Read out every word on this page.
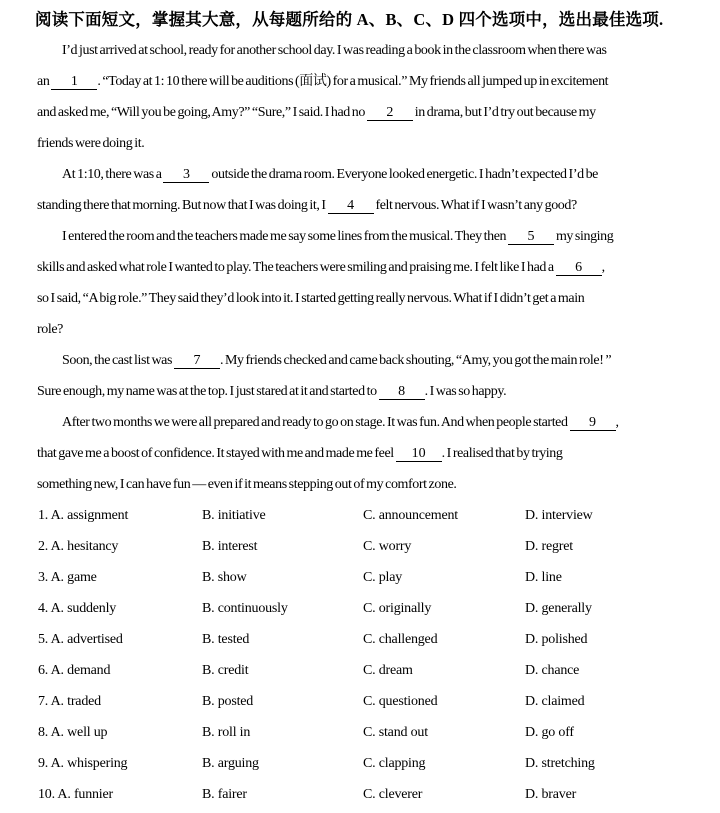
阅读下面短文，掌握其大意，从每题所给的 A、B、C、D 四个选项中，选出最佳选项.
I’d just arrived at school, ready for another school day. I was reading a book in the classroom when there was
an 1 . “Today at 1: 10 there will be auditions (面试) for a musical.” My friends all jumped up in excitement
and asked me, “Will you be going, Amy?” “Sure,” I said. I had no 2 in drama, but I’d try out because my
friends were doing it.
At 1:10, there was a 3 outside the drama room. Everyone looked energetic. I hadn’t expected I’d be
standing there that morning. But now that I was doing it, I 4 felt nervous. What if I wasn’t any good?
I entered the room and the teachers made me say some lines from the musical. They then 5 my singing
skills and asked what role I wanted to play. The teachers were smiling and praising me. I felt like I had a 6 ,
so I said, “A big role.” They said they’d look into it. I started getting really nervous. What if I didn’t get a main
role?
Soon, the cast list was 7 . My friends checked and came back shouting, “Amy, you got the main role! ”
Sure enough, my name was at the top. I just stared at it and started to 8 . I was so happy.
After two months we were all prepared and ready to go on stage. It was fun. And when people started 9 ,
that gave me a boost of confidence. It stayed with me and made me feel 10 . I realised that by trying
something new, I can have fun — even if it means stepping out of my comfort zone.
1. A. assignment	B. initiative	C. announcement	D. interview
2. A. hesitancy	B. interest	C. worry	D. regret
3. A. game	B. show	C. play	D. line
4. A. suddenly	B. continuously	C. originally	D. generally
5. A. advertised	B. tested	C. challenged	D. polished
6. A. demand	B. credit	C. dream	D. chance
7. A. traded	B. posted	C. questioned	D. claimed
8. A. well up	B. roll in	C. stand out	D. go off
9. A. whispering	B. arguing	C. clapping	D. stretching
10. A. funnier	B. fairer	C. cleverer	D. braver
